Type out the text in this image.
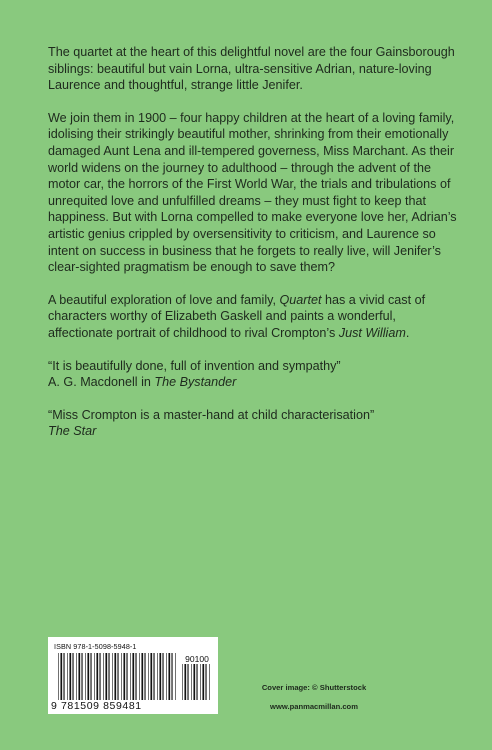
The quartet at the heart of this delightful novel are the four Gainsborough siblings: beautiful but vain Lorna, ultra-sensitive Adrian, nature-loving Laurence and thoughtful, strange little Jenifer.

We join them in 1900 – four happy children at the heart of a loving family, idolising their strikingly beautiful mother, shrinking from their emotionally damaged Aunt Lena and ill-tempered governess, Miss Marchant. As their world widens on the journey to adulthood – through the advent of the motor car, the horrors of the First World War, the trials and tribulations of unrequited love and unfulfilled dreams – they must fight to keep that happiness. But with Lorna compelled to make everyone love her, Adrian’s artistic genius crippled by oversensitivity to criticism, and Laurence so intent on success in business that he forgets to really live, will Jenifer’s clear-sighted pragmatism be enough to save them?

A beautiful exploration of love and family, Quartet has a vivid cast of characters worthy of Elizabeth Gaskell and paints a wonderful, affectionate portrait of childhood to rival Crompton’s Just William.

“It is beautifully done, full of invention and sympathy”
A. G. Macdonell in The Bystander

“Miss Crompton is a master-hand at child characterisation”
The Star

ISBN 978-1-5098-5948-1
90100
9 781509 859481
Cover image: © Shutterstock
www.panmacmillan.com
